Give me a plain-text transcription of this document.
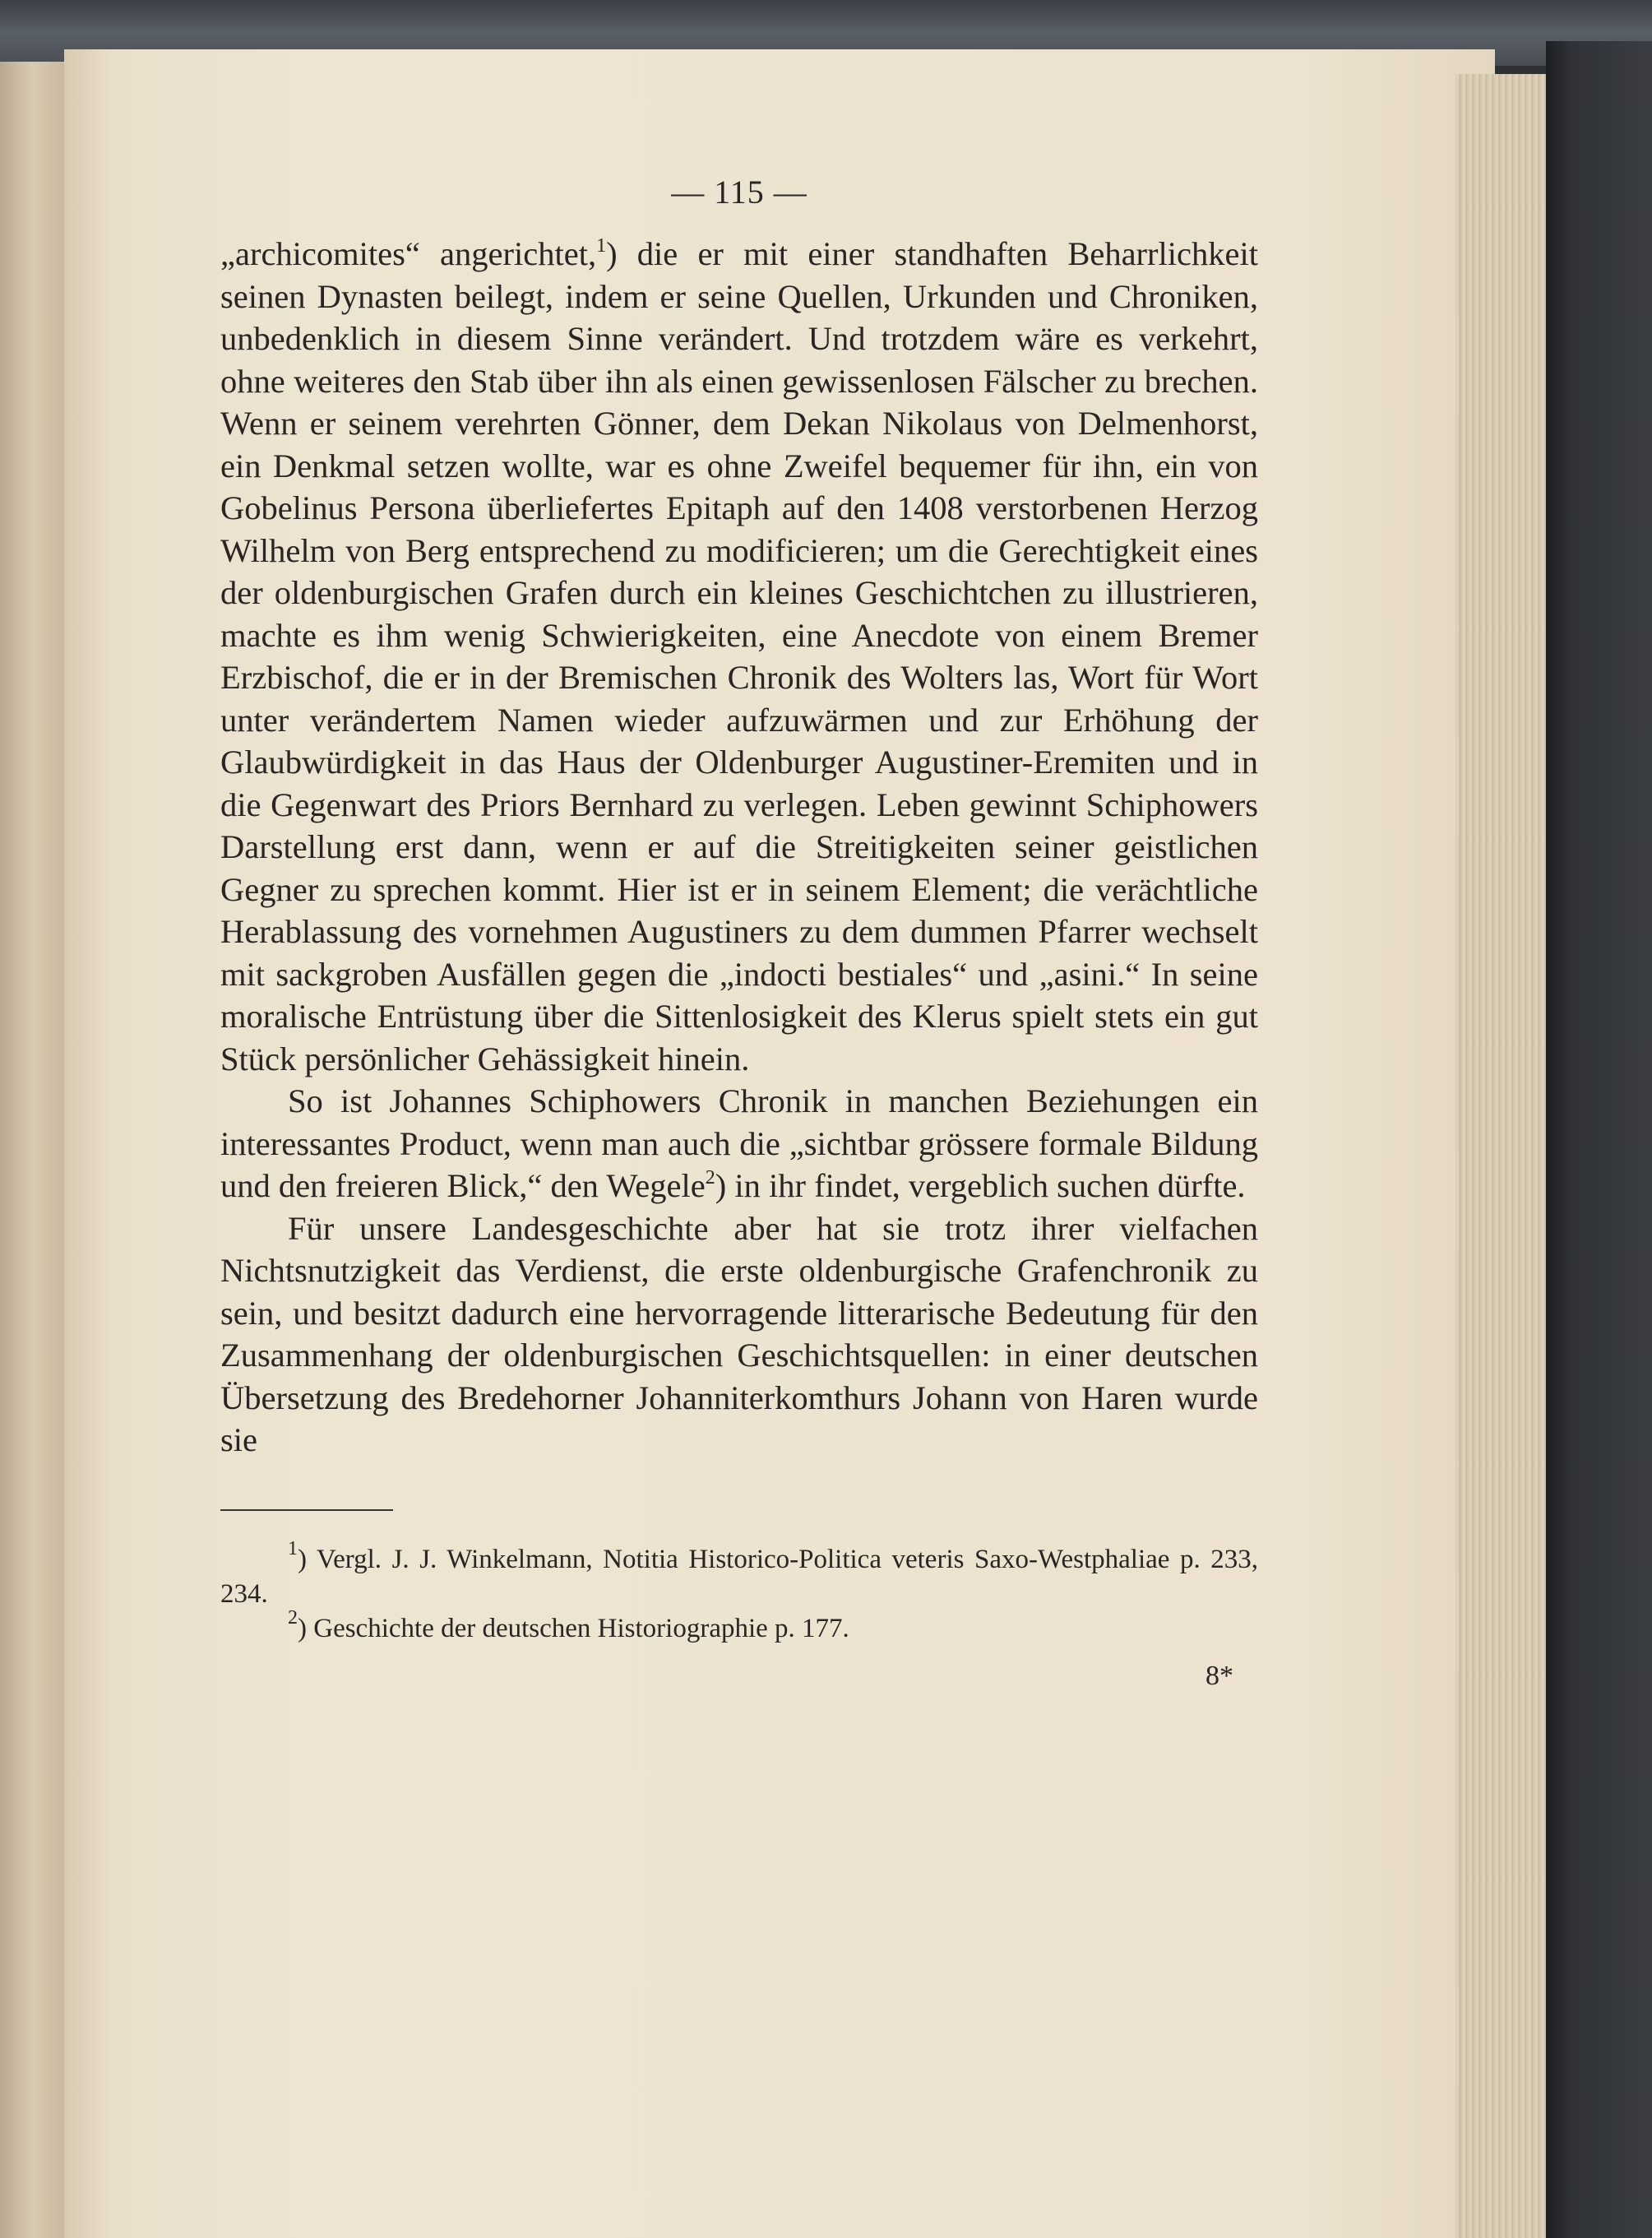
— 115 —

„archicomites“ angerichtet,$^1$) die er mit einer standhaften Beharrlichkeit seinen Dynasten beilegt, indem er seine Quellen, Urkunden und Chroniken, unbedenklich in diesem Sinne verändert. Und trotzdem wäre es verkehrt, ohne weiteres den Stab über ihn als einen gewissenlosen Fälscher zu brechen. Wenn er seinem verehrten Gönner, dem Dekan Nikolaus von Delmenhorst, ein Denkmal setzen wollte, war es ohne Zweifel bequemer für ihn, ein von Gobelinus Persona überliefertes Epitaph auf den 1408 verstorbenen Herzog Wilhelm von Berg entsprechend zu modificieren; um die Gerechtigkeit eines der oldenburgischen Grafen durch ein kleines Geschichtchen zu illustrieren, machte es ihm wenig Schwierigkeiten, eine Anecdote von einem Bremer Erzbischof, die er in der Bremischen Chronik des Wolters las, Wort für Wort unter verändertem Namen wieder aufzuwärmen und zur Erhöhung der Glaubwürdigkeit in das Haus der Oldenburger Augustiner-Eremiten und in die Gegenwart des Priors Bernhard zu verlegen. Leben gewinnt Schiphowers Darstellung erst dann, wenn er auf die Streitigkeiten seiner geistlichen Gegner zu sprechen kommt. Hier ist er in seinem Element; die verächtliche Herablassung des vornehmen Augustiners zu dem dummen Pfarrer wechselt mit sackgroben Ausfällen gegen die „indocti bestiales“ und „asini.“ In seine moralische Entrüstung über die Sittenlosigkeit des Klerus spielt stets ein gut Stück persönlicher Gehässigkeit hinein.

So ist Johannes Schiphowers Chronik in manchen Beziehungen ein interessantes Product, wenn man auch die „sichtbar grössere formale Bildung und den freieren Blick,“ den Wegele$^2$) in ihr findet, vergeblich suchen dürfte.

Für unsere Landesgeschichte aber hat sie trotz ihrer vielfachen Nichtsnutzigkeit das Verdienst, die erste oldenburgische Grafenchronik zu sein, und besitzt dadurch eine hervorragende litterarische Bedeutung für den Zusammenhang der oldenburgischen Geschichtsquellen: in einer deutschen Übersetzung des Bredehorner Johanniterkomthurs Johann von Haren wurde sie

$^1$) Vergl. J. J. Winkelmann, Notitia Historico-Politica veteris Saxo-Westphaliae p. 233, 234.

$^2$) Geschichte der deutschen Historiographie p. 177.

8*
